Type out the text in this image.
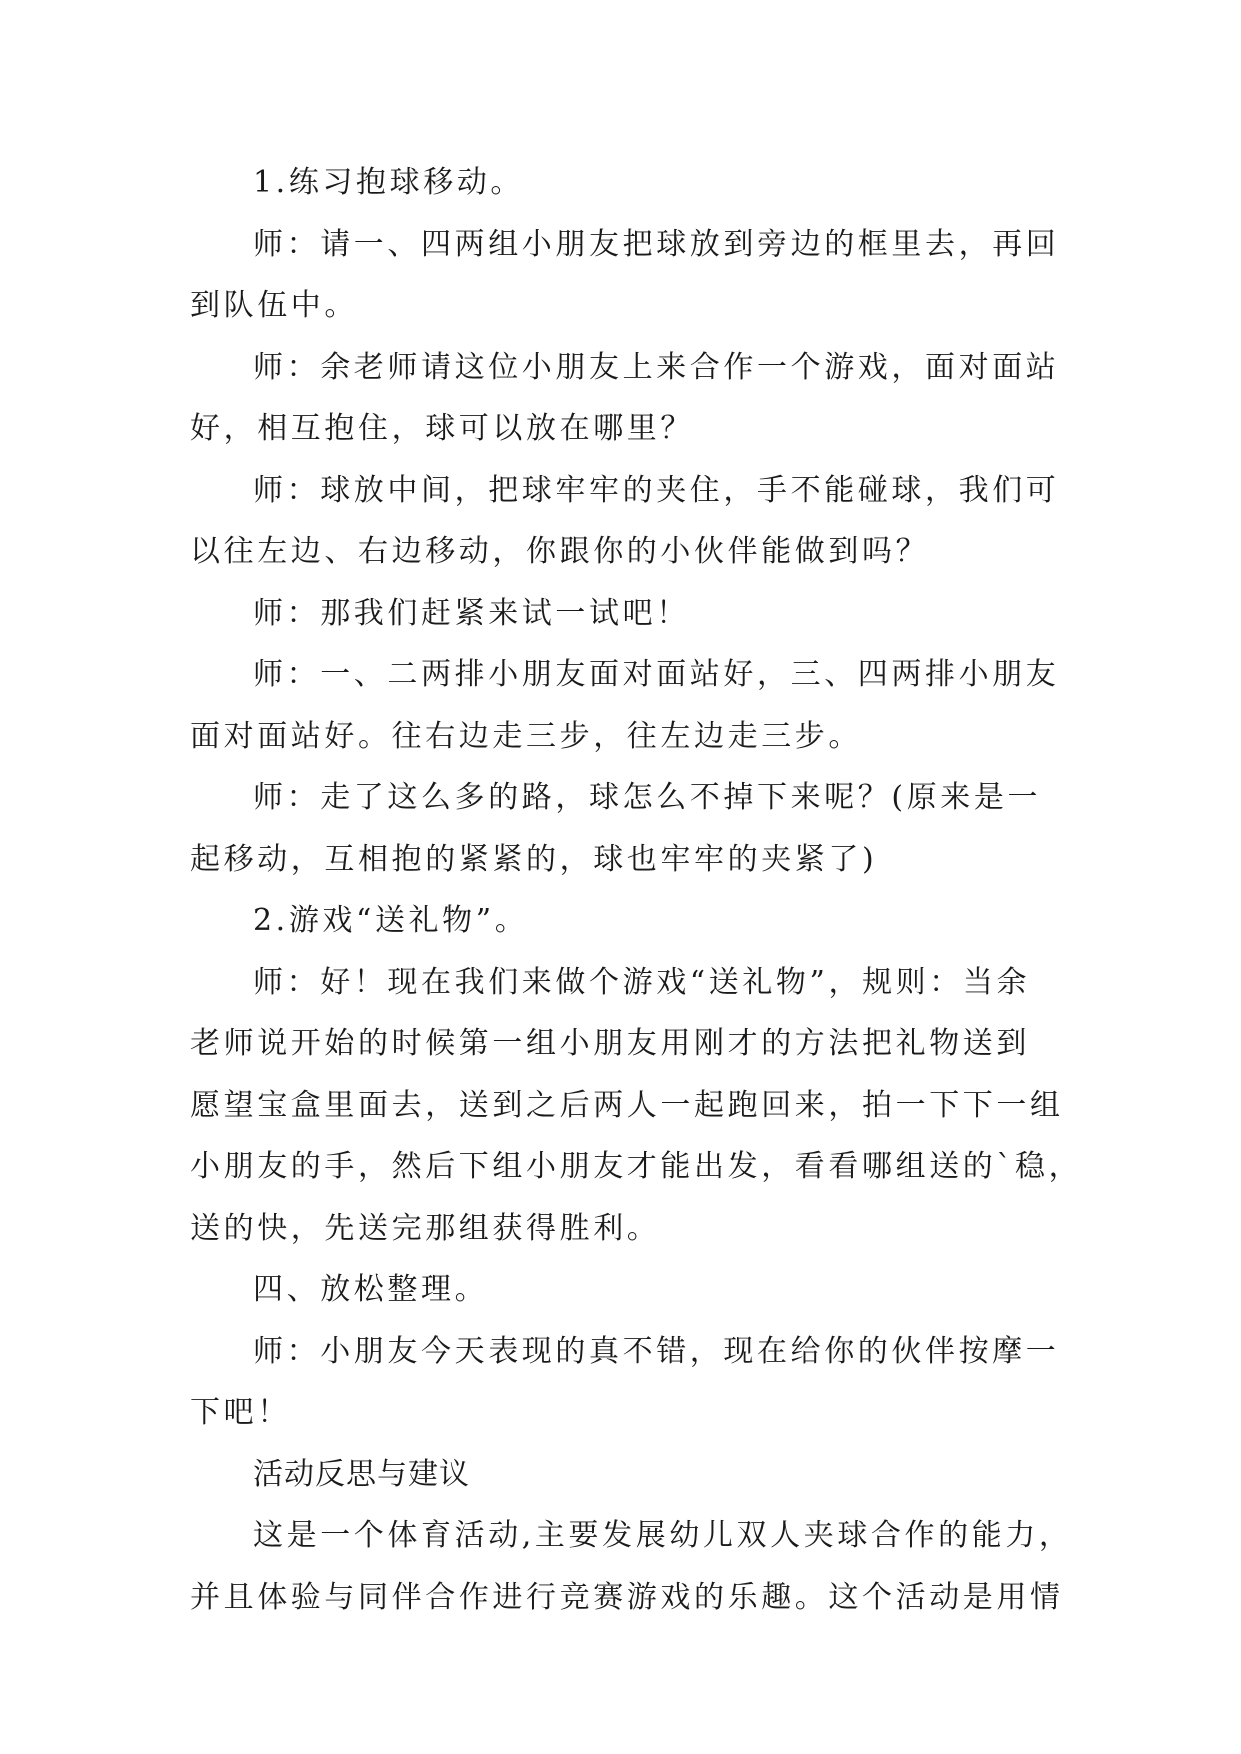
1.练习抱球移动。
师：请一、四两组小朋友把球放到旁边的框里去，再回
到队伍中。
师：余老师请这位小朋友上来合作一个游戏，面对面站
好，相互抱住，球可以放在哪里？
师：球放中间，把球牢牢的夹住，手不能碰球，我们可
以往左边、右边移动，你跟你的小伙伴能做到吗？
师：那我们赶紧来试一试吧！
师：一、二两排小朋友面对面站好，三、四两排小朋友
面对面站好。往右边走三步，往左边走三步。
师：走了这么多的路，球怎么不掉下来呢？(原来是一
起移动，互相抱的紧紧的，球也牢牢的夹紧了)
2.游戏“送礼物”。
师：好！现在我们来做个游戏“送礼物”，规则：当余
老师说开始的时候第一组小朋友用刚才的方法把礼物送到
愿望宝盒里面去，送到之后两人一起跑回来，拍一下下一组
小朋友的手，然后下组小朋友才能出发，看看哪组送的`稳，
送的快，先送完那组获得胜利。
四、放松整理。
师：小朋友今天表现的真不错，现在给你的伙伴按摩一
下吧！
活动反思与建议
这是一个体育活动,主要发展幼儿双人夹球合作的能力，
并且体验与同伴合作进行竞赛游戏的乐趣。这个活动是用情
